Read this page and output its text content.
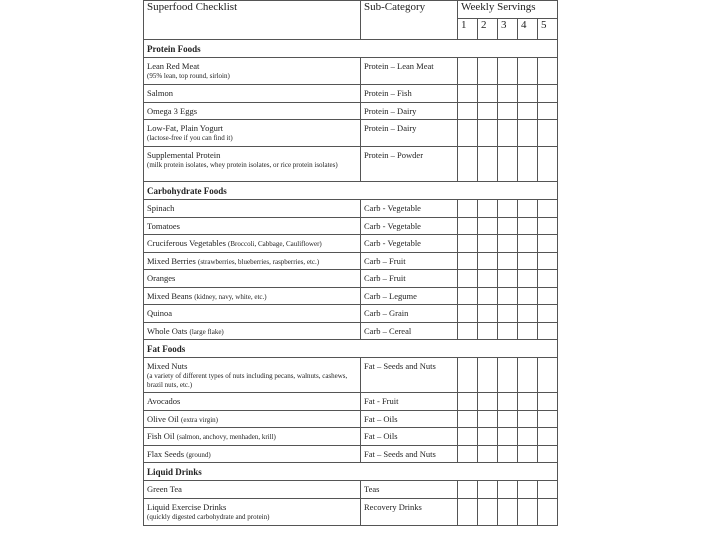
Superfood Checklist	Sub-Category	Weekly Servings				
		1	2	3	4	5
Protein Foods						

Lean Red Meat
(95% lean, top round, sirloin)	Protein – Lean Meat					

Salmon	Protein – Fish					

Omega 3 Eggs	Protein – Dairy					

Low-Fat, Plain Yogurt
(lactose-free if you can find it)	Protein – Dairy					

Supplemental Protein
(milk protein isolates, whey protein isolates, or rice protein isolates)	Protein – Powder					

Carbohydrate Foods						

Spinach	Carb - Vegetable					

Tomatoes	Carb - Vegetable					

Cruciferous Vegetables (Broccoli, Cabbage, Cauliflower)	Carb - Vegetable					

Mixed Berries (strawberries, blueberries, raspberries, etc.)	Carb – Fruit					

Oranges	Carb – Fruit					

Mixed Beans (kidney, navy, white, etc.)	Carb – Legume					

Quinoa	Carb – Grain					

Whole Oats (large flake)	Carb – Cereal					

Fat Foods						

Mixed Nuts
(a variety of different types of nuts including pecans, walnuts, cashews, brazil nuts, etc.)	Fat – Seeds and Nuts					

Avocados	Fat - Fruit					

Olive Oil (extra virgin)	Fat – Oils					

Fish Oil (salmon, anchovy, menhaden, krill)	Fat – Oils					

Flax Seeds (ground)	Fat – Seeds and Nuts					

Liquid Drinks						

Green Tea	Teas					

Liquid Exercise Drinks
(quickly digested carbohydrate and protein)	Recovery Drinks					
